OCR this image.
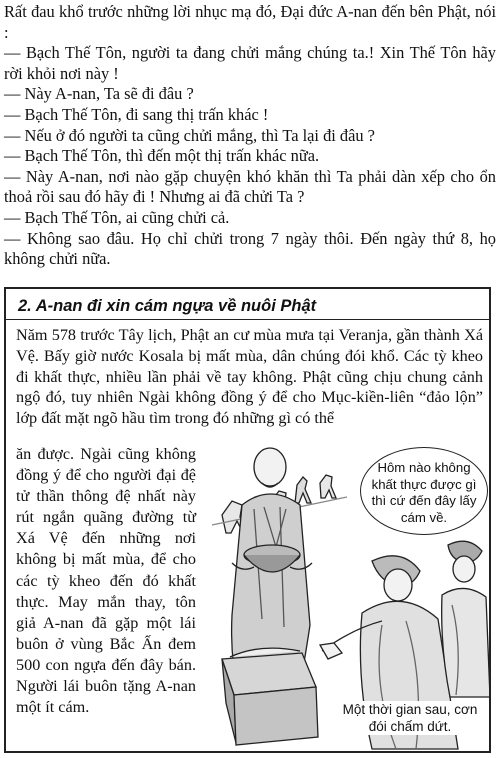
Rất đau khổ trước những lời nhục mạ đó, Đại đức A-nan đến bên Phật, nói :

— Bạch Thế Tôn, người ta đang chửi mắng chúng ta.! Xin Thế Tôn hãy rời khỏi nơi này !

— Này A-nan, Ta sẽ đi đâu ?

— Bạch Thế Tôn, đi sang thị trấn khác !

— Nếu ở đó người ta cũng chửi mắng, thì Ta lại đi đâu ?

— Bạch Thế Tôn, thì đến một thị trấn khác nữa.

— Này A-nan, nơi nào gặp chuyện khó khăn thì Ta phải dàn xếp cho ổn thoả rồi sau đó hãy đi ! Nhưng ai đã chửi Ta ?

— Bạch Thế Tôn, ai cũng chửi cả.

— Không sao đâu. Họ chỉ chửi trong 7 ngày thôi. Đến ngày thứ 8, họ không chửi nữa.

2. A-nan đi xin cám ngựa về nuôi Phật

Năm 578 trước Tây lịch, Phật an cư mùa mưa tại Veranja, gần thành Xá Vệ. Bấy giờ nước Kosala bị mất mùa, dân chúng đói khổ. Các tỳ kheo đi khất thực, nhiều lần phải về tay không. Phật cũng chịu chung cảnh ngộ đó, tuy nhiên Ngài không đồng ý để cho Mục-kiền-liên “đảo lộn” lớp đất mặt ngõ hầu tìm trong đó những gì có thể

ăn được. Ngài cũng không đồng ý để cho người đại đệ tử thần thông đệ nhất này rút ngắn quãng đường từ Xá Vệ đến những nơi không bị mất mùa, để cho các tỳ kheo đến đó khất thực. May mắn thay, tôn giả A-nan đã gặp một lái buôn ở vùng Bắc Ấn đem 500 con ngựa đến đây bán. Người lái buôn tặng A-nan một ít cám.

Hôm nào không khất thực được gì thì cứ đến đây lấy cám về.
Một thời gian sau, cơn đói chấm dứt.
